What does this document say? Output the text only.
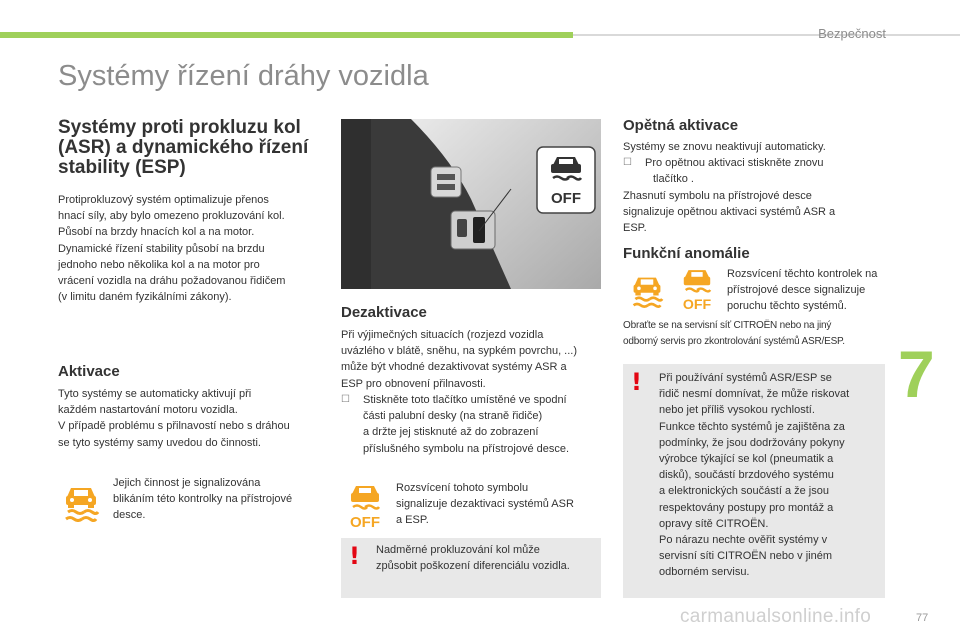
Bezpečnost
Systémy řízení dráhy vozidla
7
77
Systémy proti prokluzu kol
(ASR) a dynamického řízení
stability (ESP)
Protiprokluzový systém optimalizuje přenos
hnací síly, aby bylo omezeno prokluzování kol.
Působí na brzdy hnacích kol a na motor.
Dynamické řízení stability působí na brzdu
jednoho nebo několika kol a na motor pro
vrácení vozidla na dráhu požadovanou řidičem
(v limitu daném fyzikálními zákony).
Aktivace
Tyto systémy se automaticky aktivují při
každém nastartování motoru vozidla.
V případě problému s přilnavostí nebo s dráhou
se tyto systémy samy uvedou do činnosti.
Jejich činnost je signalizována
blikáním této kontrolky na přístrojové
desce.
OFF
Dezaktivace
Při výjimečných situacích (rozjezd vozidla
uvázlého v blátě, sněhu, na sypkém povrchu, ...)
může být vhodné dezaktivovat systémy ASR a
ESP pro obnovení přilnavosti.
☐ Stiskněte toto tlačítko umístěné ve spodní
části palubní desky (na straně řidiče)
a držte jej stisknuté až do zobrazení
příslušného symbolu na přístrojové desce.
OFF
Rozsvícení tohoto symbolu
signalizuje dezaktivaci systémů ASR
a ESP.
! Nadměrné prokluzování kol může
způsobit poškození diferenciálu vozidla.
Opětná aktivace
Systémy se znovu neaktivují automaticky.
☐ Pro opětnou aktivaci stiskněte znovu
tlačítko .
Zhasnutí symbolu na přístrojové desce
signalizuje opětnou aktivaci systémů ASR a
ESP.
Funkční anomálie
OFF
Rozsvícení těchto kontrolek na
přístrojové desce signalizuje
poruchu těchto systémů.
Obraťte se na servisní síť CITROËN nebo na jiný
odborný servis pro zkontrolování systémů ASR/ESP.
! Při používání systémů ASR/ESP se
řidič nesmí domnívat, že může riskovat
nebo jet příliš vysokou rychlostí.
Funkce těchto systémů je zajištěna za
podmínky, že jsou dodržovány pokyny
výrobce týkající se kol (pneumatik a
disků), součástí brzdového systému
a elektronických součástí a že jsou
respektovány postupy pro montáž a
opravy sítě CITROËN.
Po nárazu nechte ověřit systémy v
servisní síti CITROËN nebo v jiném
odborném servisu.
carmanualsonline.info
